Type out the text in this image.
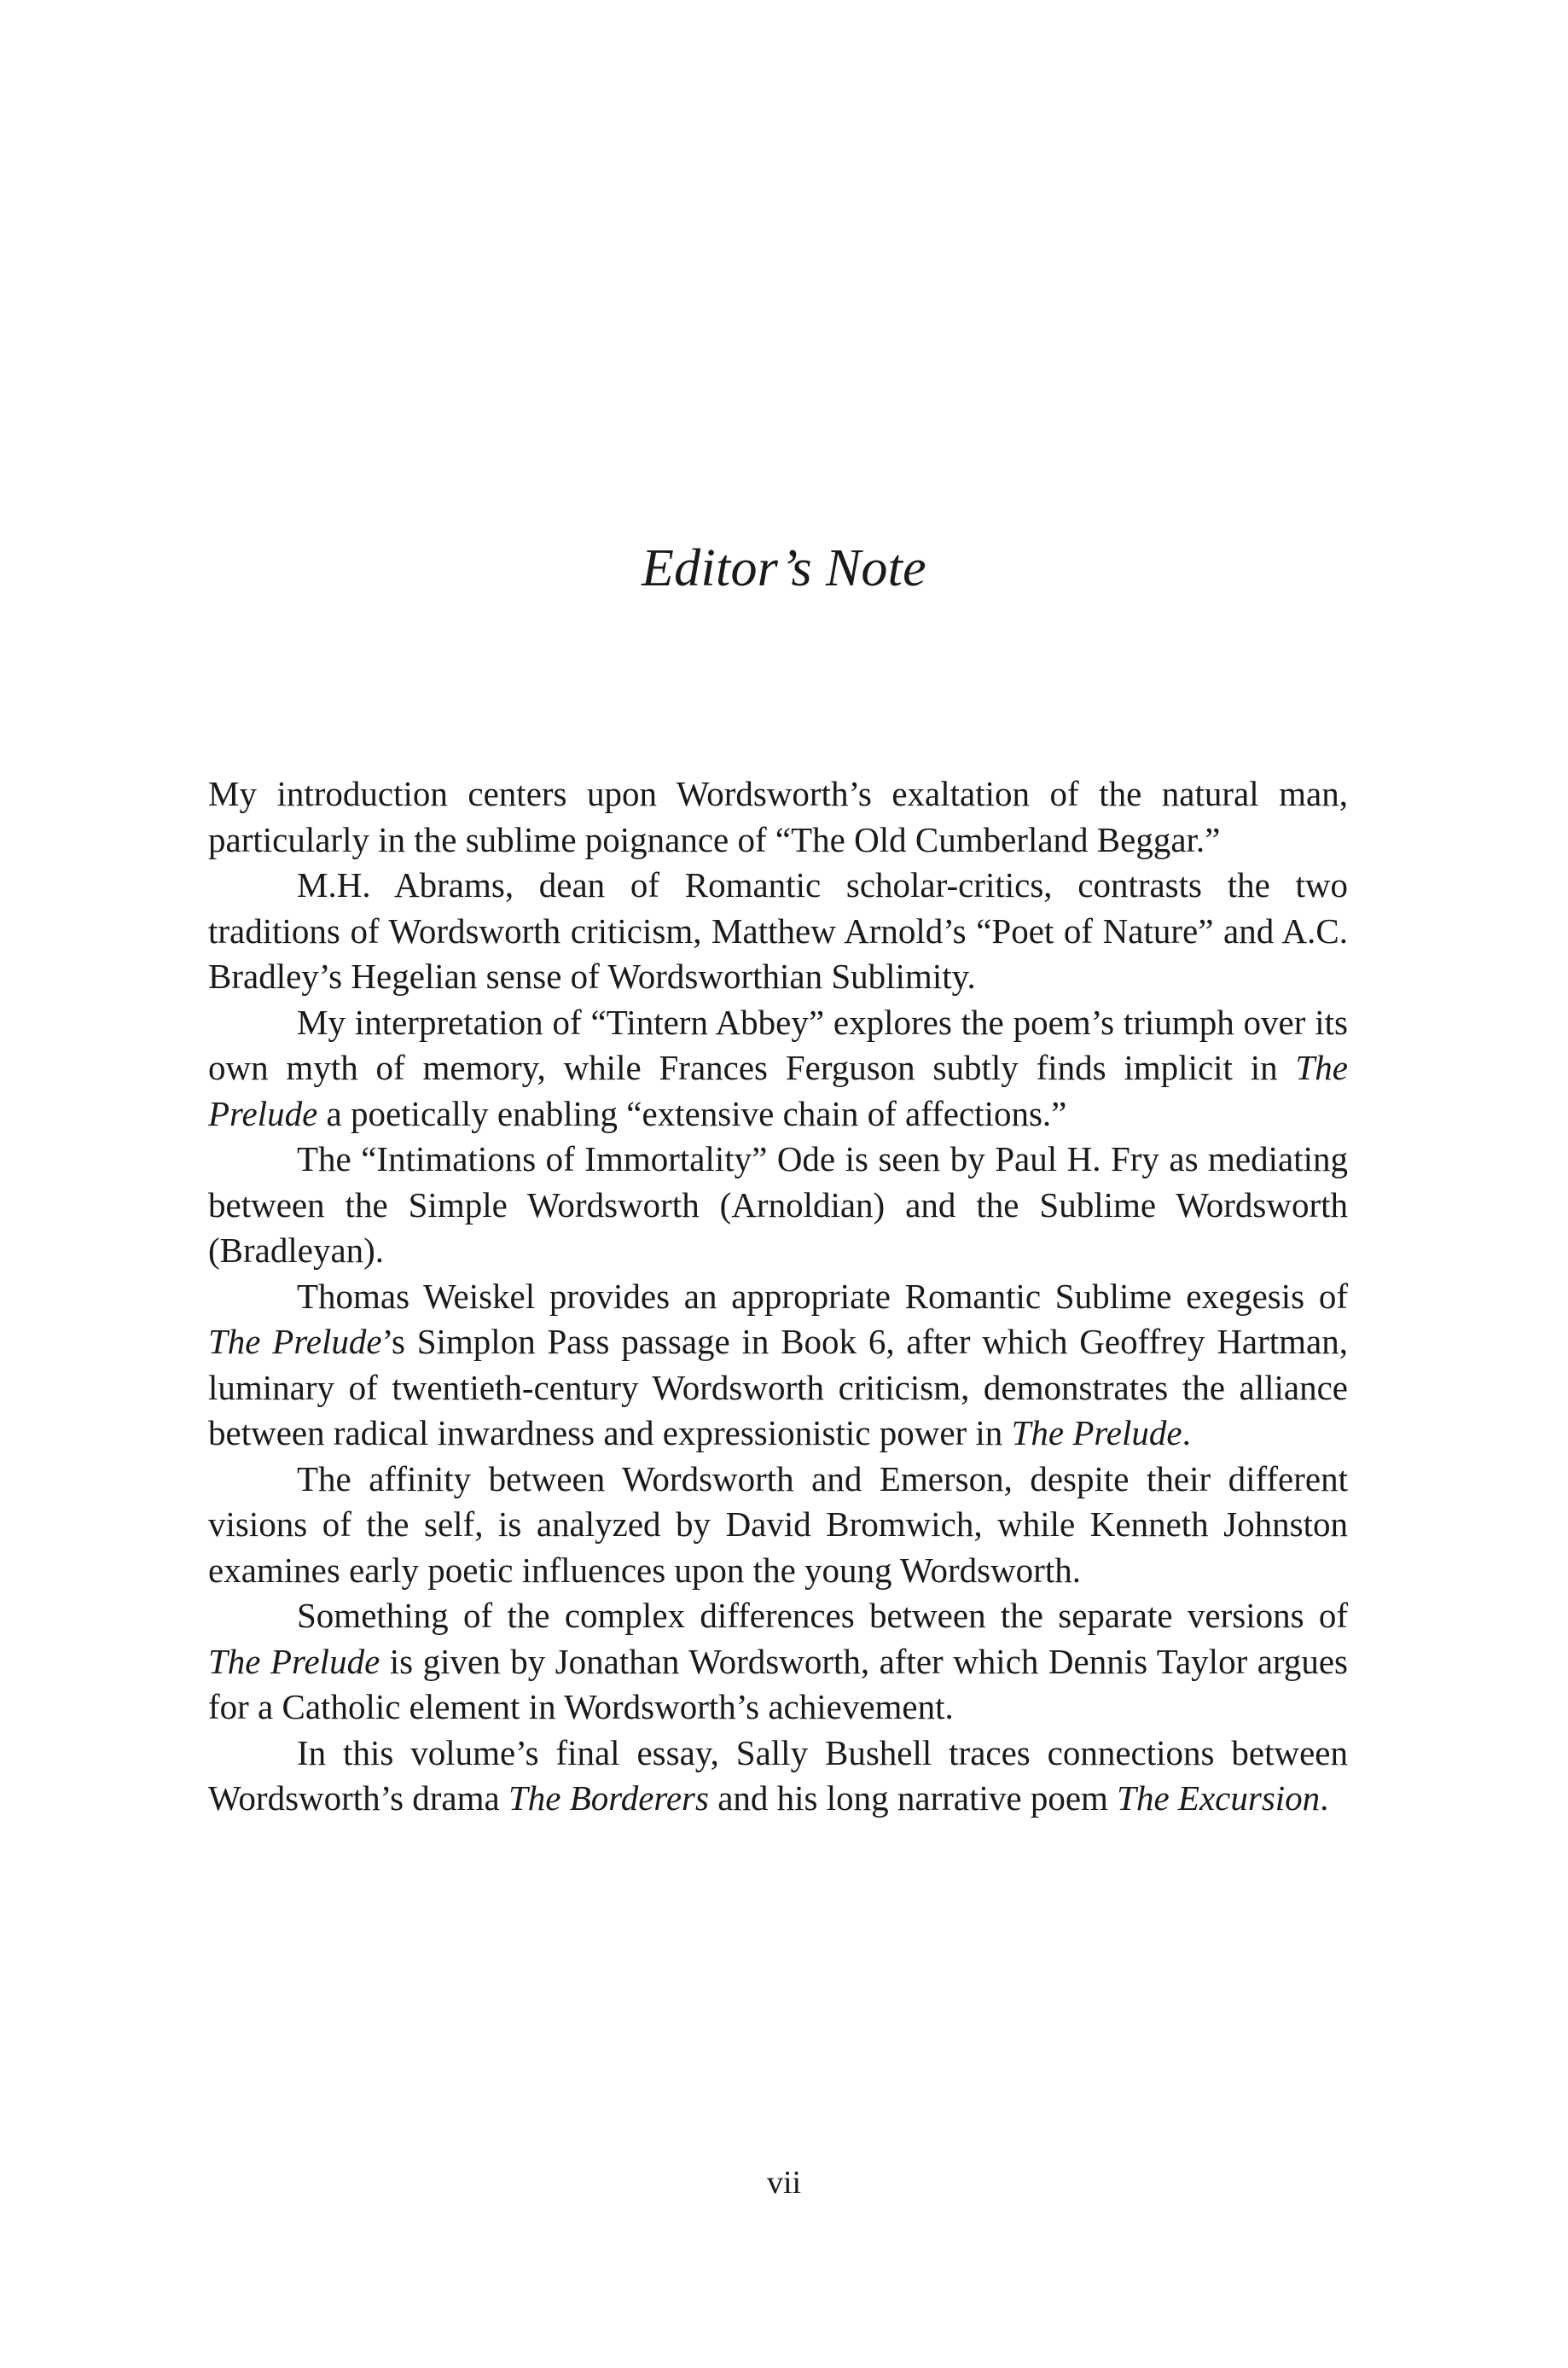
Editor’s Note

My introduction centers upon Wordsworth’s exaltation of the natural man, particularly in the sublime poignance of “The Old Cumberland Beggar.”

M.H. Abrams, dean of Romantic scholar-critics, contrasts the two traditions of Wordsworth criticism, Matthew Arnold’s “Poet of Nature” and A.C. Bradley’s Hegelian sense of Wordsworthian Sublimity.

My interpretation of “Tintern Abbey” explores the poem’s triumph over its own myth of memory, while Frances Ferguson subtly finds implicit in The Prelude a poetically enabling “extensive chain of affections.”

The “Intimations of Immortality” Ode is seen by Paul H. Fry as mediating between the Simple Wordsworth (Arnoldian) and the Sublime Wordsworth (Bradleyan).

Thomas Weiskel provides an appropriate Romantic Sublime exegesis of The Prelude’s Simplon Pass passage in Book 6, after which Geoffrey Hartman, luminary of twentieth-century Wordsworth criticism, demonstrates the alliance between radical inwardness and expressionistic power in The Prelude.

The affinity between Wordsworth and Emerson, despite their different visions of the self, is analyzed by David Bromwich, while Kenneth Johnston examines early poetic influences upon the young Wordsworth.

Something of the complex differences between the separate versions of The Prelude is given by Jonathan Wordsworth, after which Dennis Taylor argues for a Catholic element in Wordsworth’s achievement.

In this volume’s final essay, Sally Bushell traces connections between Wordsworth’s drama The Borderers and his long narrative poem The Excursion.

vii
